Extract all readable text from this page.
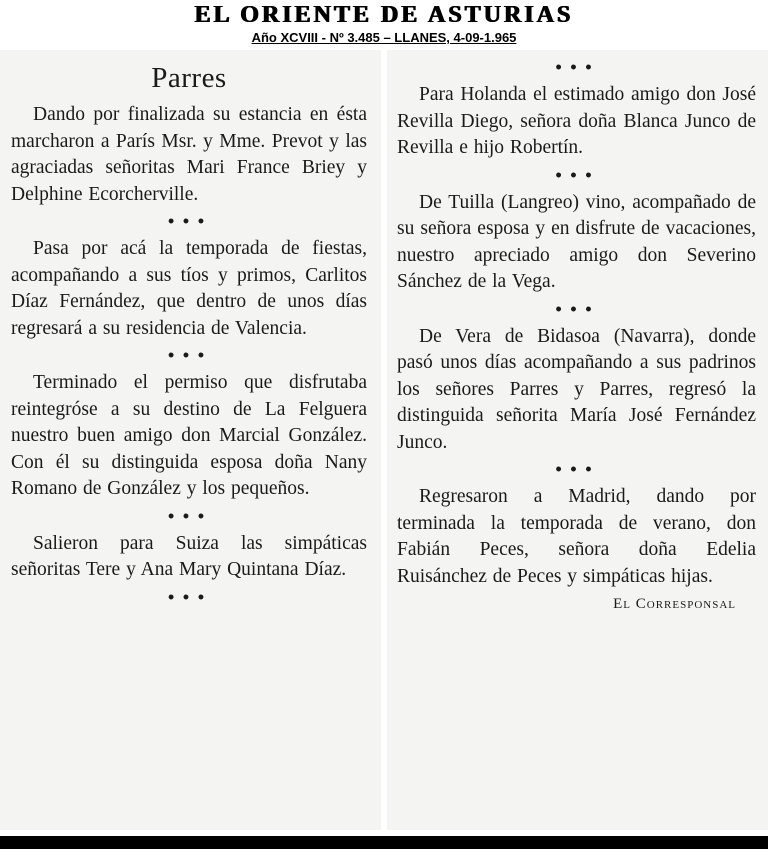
EL ORIENTE DE ASTURIAS
Año XCVIII - Nº 3.485 – LLANES, 4-09-1.965
Parres

Dando por finalizada su estancia en ésta marcharon a París Msr. y Mme. Prevot y las agraciadas señoritas Mari France Briey y Delphine Ecorcherville.

•••

Pasa por acá la temporada de fiestas, acompañando a sus tíos y primos, Carlitos Díaz Fernández, que dentro de unos días regresará a su residencia de Valencia.

•••

Terminado el permiso que disfrutaba reintegróse a su destino de La Felguera nuestro buen amigo don Marcial González. Con él su distinguida esposa doña Nany Romano de González y los pequeños.

•••

Salieron para Suiza las simpáticas señoritas Tere y Ana Mary Quintana Díaz.

•••
•••

Para Holanda el estimado amigo don José Revilla Diego, señora doña Blanca Junco de Revilla e hijo Robertín.

•••

De Tuilla (Langreo) vino, acompañado de su señora esposa y en disfrute de vacaciones, nuestro apreciado amigo don Severino Sánchez de la Vega.

•••

De Vera de Bidasoa (Navarra), donde pasó unos días acompañando a sus padrinos los señores Parres y Parres, regresó la distinguida señorita María José Fernández Junco.

•••

Regresaron a Madrid, dando por terminada la temporada de verano, don Fabián Peces, señora doña Edelia Ruisánchez de Peces y simpáticas hijas.

El Corresponsal
